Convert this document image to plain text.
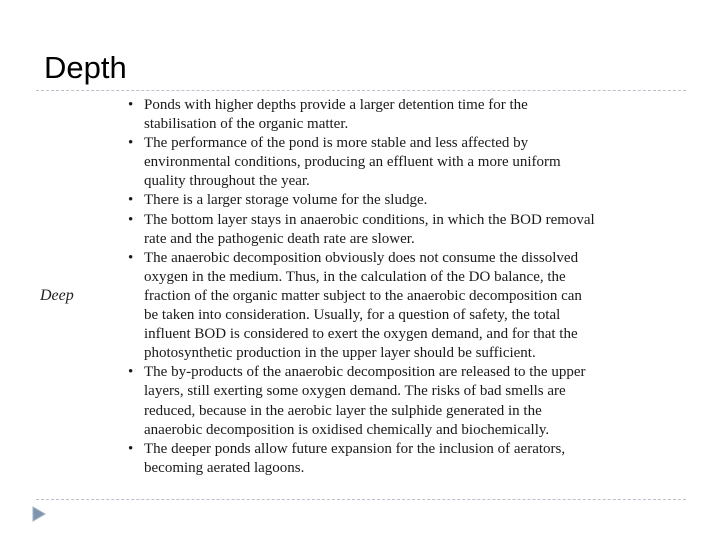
Depth
Deep
• Ponds with higher depths provide a larger detention time for the
stabilisation of the organic matter.
• The performance of the pond is more stable and less affected by
environmental conditions, producing an effluent with a more uniform
quality throughout the year.
• There is a larger storage volume for the sludge.
• The bottom layer stays in anaerobic conditions, in which the BOD removal
rate and the pathogenic death rate are slower.
• The anaerobic decomposition obviously does not consume the dissolved
oxygen in the medium. Thus, in the calculation of the DO balance, the
fraction of the organic matter subject to the anaerobic decomposition can
be taken into consideration. Usually, for a question of safety, the total
influent BOD is considered to exert the oxygen demand, and for that the
photosynthetic production in the upper layer should be sufficient.
• The by-products of the anaerobic decomposition are released to the upper
layers, still exerting some oxygen demand. The risks of bad smells are
reduced, because in the aerobic layer the sulphide generated in the
anaerobic decomposition is oxidised chemically and biochemically.
• The deeper ponds allow future expansion for the inclusion of aerators,
becoming aerated lagoons.
